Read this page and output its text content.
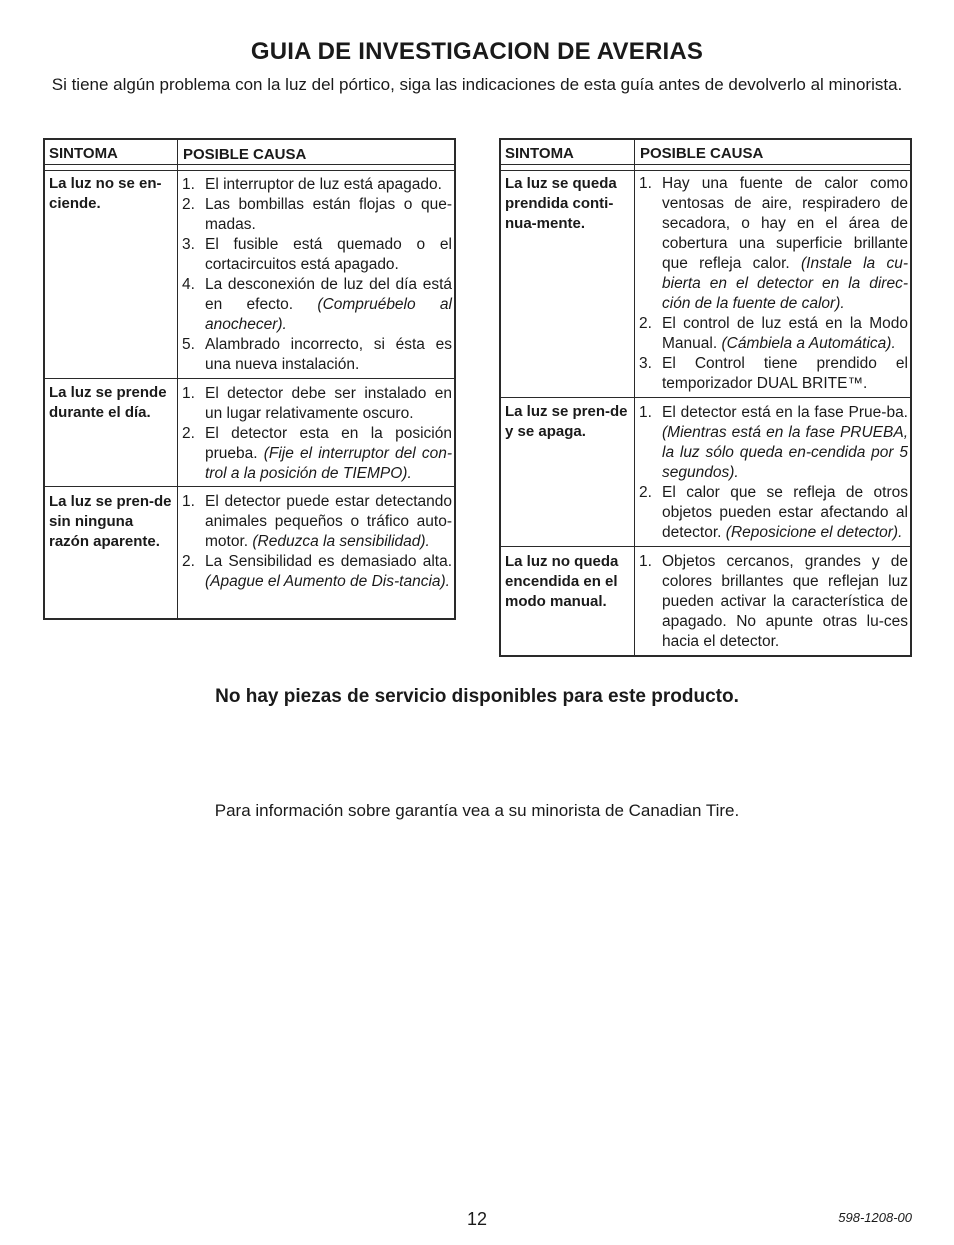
GUIA DE INVESTIGACION DE AVERIAS
Si tiene algún problema con la luz del pórtico, siga las indicaciones de esta guía antes de devolverlo al minorista.
SINTOMA	POSIBLE CAUSA
La luz no se en-ciende.
1. El interruptor de luz está apagado.
2. Las bombillas están flojas o que-madas.
3. El fusible está quemado o el cortacircuitos está apagado.
4. La desconexión de luz del día está en efecto. (Compruébelo al anochecer).
5. Alambrado incorrecto, si ésta es una nueva instalación.
La luz se prende durante el día.
1. El detector debe ser instalado en un lugar relativamente oscuro.
2. El detector esta en la posición prueba. (Fije el interruptor del con-trol a la posición de TIEMPO).
La luz se pren-de sin ninguna razón aparente.
1. El detector puede estar detectando animales pequeños o tráfico auto-motor. (Reduzca la sensibilidad).
2. La Sensibilidad es demasiado alta. (Apague el Aumento de Dis-tancia).
SINTOMA	POSIBLE CAUSA
La luz se queda prendida conti-nua-mente.
1. Hay una fuente de calor como ventosas de aire, respiradero de secadora, o hay en el área de cobertura una superficie brillante que refleja calor. (Instale la cu-bierta en el detector en la direc-ción de la fuente de calor).
2. El control de luz está en la Modo Manual. (Cámbiela a Automática).
3. El Control tiene prendido el temporizador DUAL BRITE™.
La luz se pren-de y se apaga.
1. El detector está en la fase Prue-ba. (Mientras está en la fase PRUEBA, la luz sólo queda en-cendida por 5 segundos).
2. El calor que se refleja de otros objetos pueden estar afectando al detector. (Reposicione el detector).
La luz no queda encendida en el modo manual.
1. Objetos cercanos, grandes y de colores brillantes que reflejan luz pueden activar la característica de apagado. No apunte otras lu-ces hacia el detector.
No hay piezas de servicio disponibles para este producto.
Para información sobre garantía vea a su minorista de Canadian Tire.
12	598-1208-00
